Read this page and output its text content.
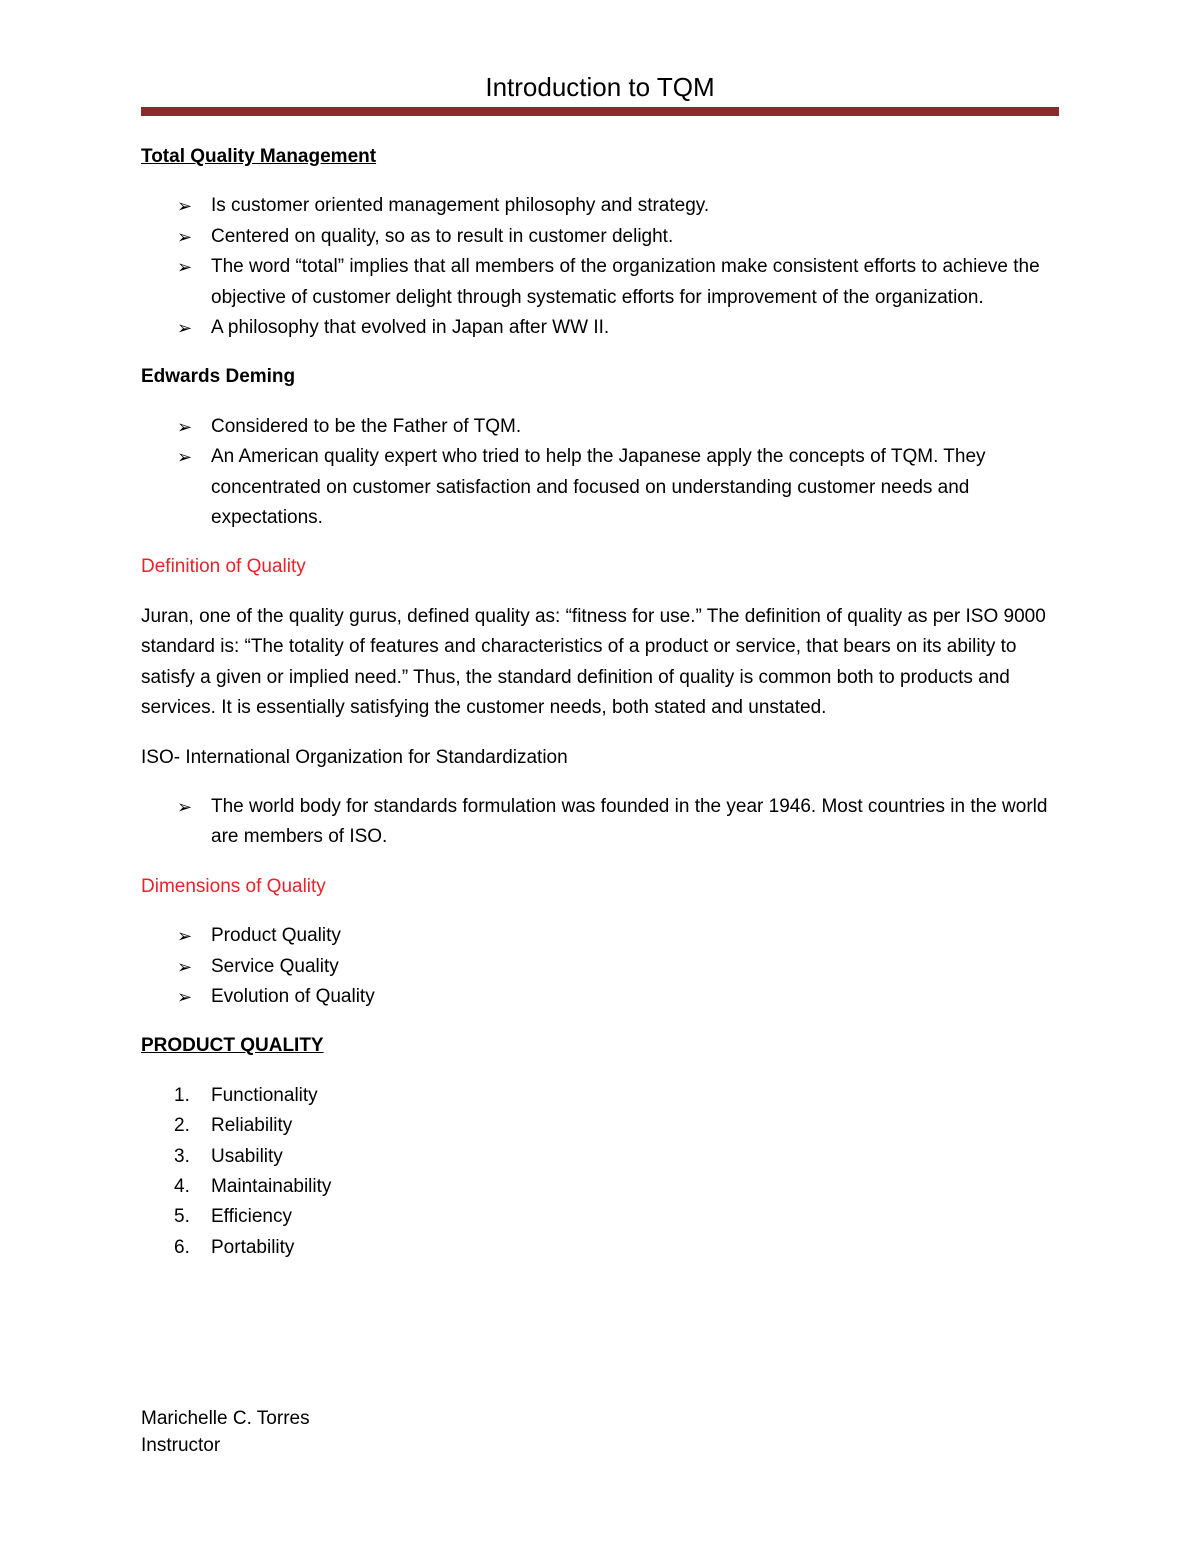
Introduction to TQM
Total Quality Management
➢ Is customer oriented management philosophy and strategy.
➢ Centered on quality, so as to result in customer delight.
➢ The word “total” implies that all members of the organization make consistent efforts to achieve the objective of customer delight through systematic efforts for improvement of the organization.
➢ A philosophy that evolved in Japan after WW II.
Edwards Deming
➢ Considered to be the Father of TQM.
➢ An American quality expert who tried to help the Japanese apply the concepts of TQM. They concentrated on customer satisfaction and focused on understanding customer needs and expectations.
Definition of Quality
Juran, one of the quality gurus, defined quality as: “fitness for use.” The definition of quality as per ISO 9000 standard is: “The totality of features and characteristics of a product or service, that bears on its ability to satisfy a given or implied need.” Thus, the standard definition of quality is common both to products and services. It is essentially satisfying the customer needs, both stated and unstated.
ISO- International Organization for Standardization
➢ The world body for standards formulation was founded in the year 1946. Most countries in the world are members of ISO.
Dimensions of Quality
➢ Product Quality
➢ Service Quality
➢ Evolution of Quality
PRODUCT QUALITY
1.	Functionality
2.	Reliability
3.	Usability
4.	Maintainability
5.	Efficiency
6.	Portability
Marichelle C. Torres
Instructor
